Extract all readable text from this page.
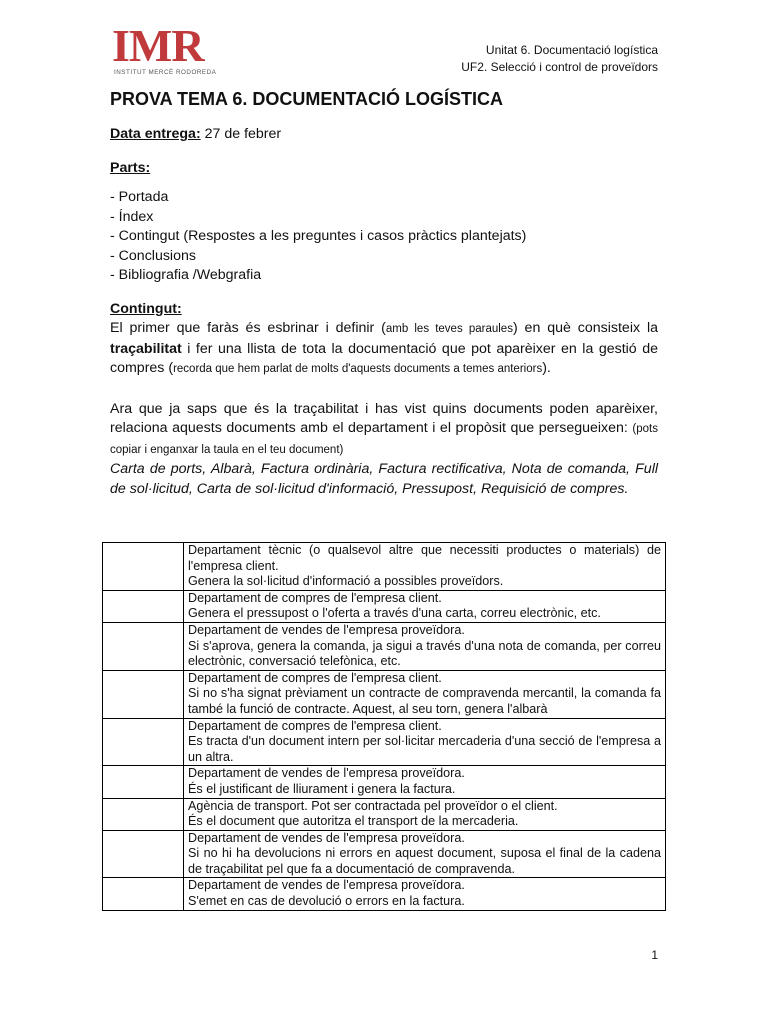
IMR
INSTITUT MERCÈ RODOREDA
Unitat 6. Documentació logística
UF2. Selecció i control de proveïdors
PROVA TEMA 6. DOCUMENTACIÓ LOGÍSTICA

Data entrega: 27 de febrer

Parts:

- Portada
- Índex
- Contingut (Respostes a les preguntes i casos pràctics plantejats)
- Conclusions
- Bibliografia /Webgrafia

Contingut:

El primer que faràs és esbrinar i definir (amb les teves paraules) en què consisteix la traçabilitat i fer una llista de tota la documentació que pot aparèixer en la gestió de compres (recorda que hem parlat de molts d'aquests documents a temes anteriors).

Ara que ja saps que és la traçabilitat i has vist quins documents poden aparèixer, relaciona aquests documents amb el departament i el propòsit que persegueixen: (pots copiar i enganxar la taula en el teu document)

Carta de ports, Albarà, Factura ordinària, Factura rectificativa, Nota de comanda, Full de sol·licitud, Carta de sol·licitud d'informació, Pressupost, Requisició de compres.

	Departament tècnic (o qualsevol altre que necessiti productes o materials) de l'empresa client.
Genera la sol·licitud d'informació a possibles proveïdors.

	Departament de compres de l'empresa client.
Genera el pressupost o l'oferta a través d'una carta, correu electrònic, etc.

	Departament de vendes de l'empresa proveïdora.
Si s'aprova, genera la comanda, ja sigui a través d'una nota de comanda, per correu electrònic, conversació telefònica, etc.

	Departament de compres de l'empresa client.
Si no s'ha signat prèviament un contracte de compravenda mercantil, la comanda fa també la funció de contracte. Aquest, al seu torn, genera l'albarà

	Departament de compres de l'empresa client.
Es tracta d'un document intern per sol·licitar mercaderia d'una secció de l'empresa a un altra.

	Departament de vendes de l'empresa proveïdora.
És el justificant de lliurament i genera la factura.

	Agència de transport. Pot ser contractada pel proveïdor o el client.
És el document que autoritza el transport de la mercaderia.

	Departament de vendes de l'empresa proveïdora.
Si no hi ha devolucions ni errors en aquest document, suposa el final de la cadena de traçabilitat pel que fa a documentació de compravenda.

	Departament de vendes de l'empresa proveïdora.
S'emet en cas de devolució o errors en la factura.
1
